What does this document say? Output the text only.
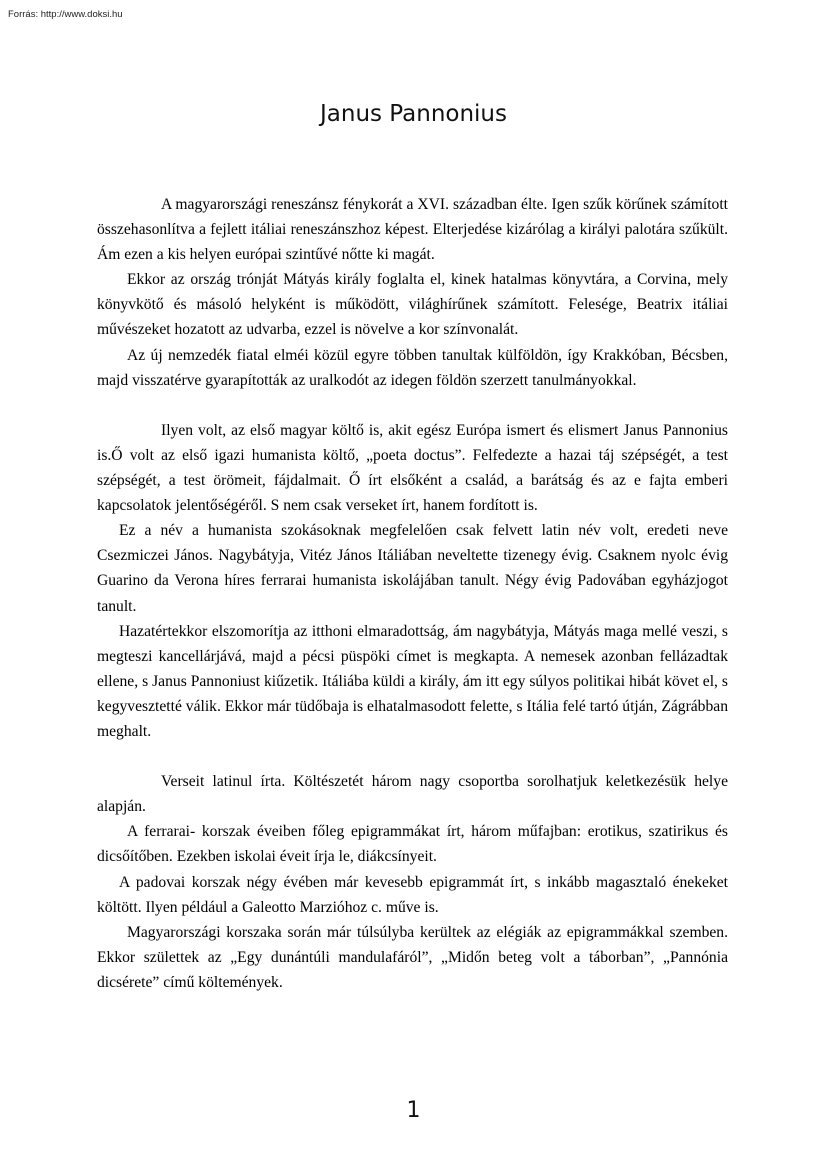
Forrás: http://www.doksi.hu
Janus Pannonius

A magyarországi reneszánsz fénykorát a XVI. században élte. Igen szűk körűnek számított összehasonlítva a fejlett itáliai reneszánszhoz képest. Elterjedése kizárólag a királyi palotára szűkült. Ám ezen a kis helyen európai szintűvé nőtte ki magát.

Ekkor az ország trónját Mátyás király foglalta el, kinek hatalmas könyvtára, a Corvina, mely könyvkötő és másoló helyként is működött, világhírűnek számított. Felesége, Beatrix itáliai művészeket hozatott az udvarba, ezzel is növelve a kor színvonalát.

Az új nemzedék fiatal elméi közül egyre többen tanultak külföldön, így Krakkóban, Bécsben, majd visszatérve gyarapították az uralkodót az idegen földön szerzett tanulmányokkal.

Ilyen volt, az első magyar költő is, akit egész Európa ismert és elismert Janus Pannonius is.Ő volt az első igazi humanista költő, „poeta doctus”. Felfedezte a hazai táj szépségét, a test szépségét, a test örömeit, fájdalmait. Ő írt elsőként a család, a barátság és az e fajta emberi kapcsolatok jelentőségéről. S nem csak verseket írt, hanem fordított is.

Ez a név a humanista szokásoknak megfelelően csak felvett latin név volt, eredeti neve Csezmiczei János. Nagybátyja, Vitéz János Itáliában neveltette tizenegy évig. Csaknem nyolc évig Guarino da Verona híres ferrarai humanista iskolájában tanult. Négy évig Padovában egyházjogot tanult.

Hazatértekkor elszomorítja az itthoni elmaradottság, ám nagybátyja, Mátyás maga mellé veszi, s megteszi kancellárjává, majd a pécsi püspöki címet is megkapta. A nemesek azonban fellázadtak ellene, s Janus Pannoniust kiűzetik. Itáliába küldi a király, ám itt egy súlyos politikai hibát követ el, s kegyvesztetté válik. Ekkor már tüdőbaja is elhatalmasodott felette, s Itália felé tartó útján, Zágrábban meghalt.

Verseit latinul írta. Költészetét három nagy csoportba sorolhatjuk keletkezésük helye alapján.

A ferrarai- korszak éveiben főleg epigrammákat írt, három műfajban: erotikus, szatirikus és dicsőítőben. Ezekben iskolai éveit írja le, diákcsínyeit.

A padovai korszak négy évében már kevesebb epigrammát írt, s inkább magasztaló énekeket költött. Ilyen például a Galeotto Marzióhoz c. műve is.

Magyarországi korszaka során már túlsúlyba kerültek az elégiák az epigrammákkal szemben. Ekkor születtek az „Egy dunántúli mandulafáról”, „Midőn beteg volt a táborban”, „Pannónia dicsérete” című költemények.

1
